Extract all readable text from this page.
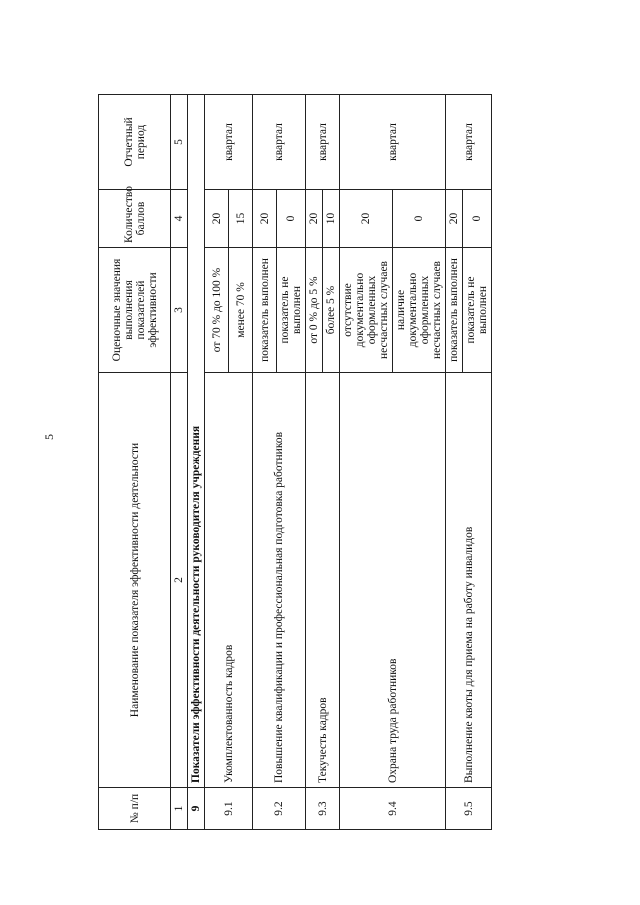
5
№ п/п	Наименование показателя эффективности деятельности	Оценочные значения выполнения показателей эффективности	Количество баллов	Отчетный период
1	2	3	4	5
9	Показатели эффективности деятельности руководителя учреждения			
9.1	Укомплектованность кадров	от 70 % до 100 %	20	квартал
		менее 70 %	15	
9.2	Повышение квалификации и профессиональная подготовка работников	показатель выполнен	20	квартал
		показатель не выполнен	0	
9.3	Текучесть кадров	от 0 % до 5 %	20	квартал
		более 5 %	10	
9.4	Охрана труда работников	отсутствие документально оформленных несчастных случаев	20	квартал
		наличие документально оформленных несчастных случаев	0	
9.5	Выполнение квоты для приема на работу инвалидов	показатель выполнен	20	квартал
		показатель не выполнен	0	
